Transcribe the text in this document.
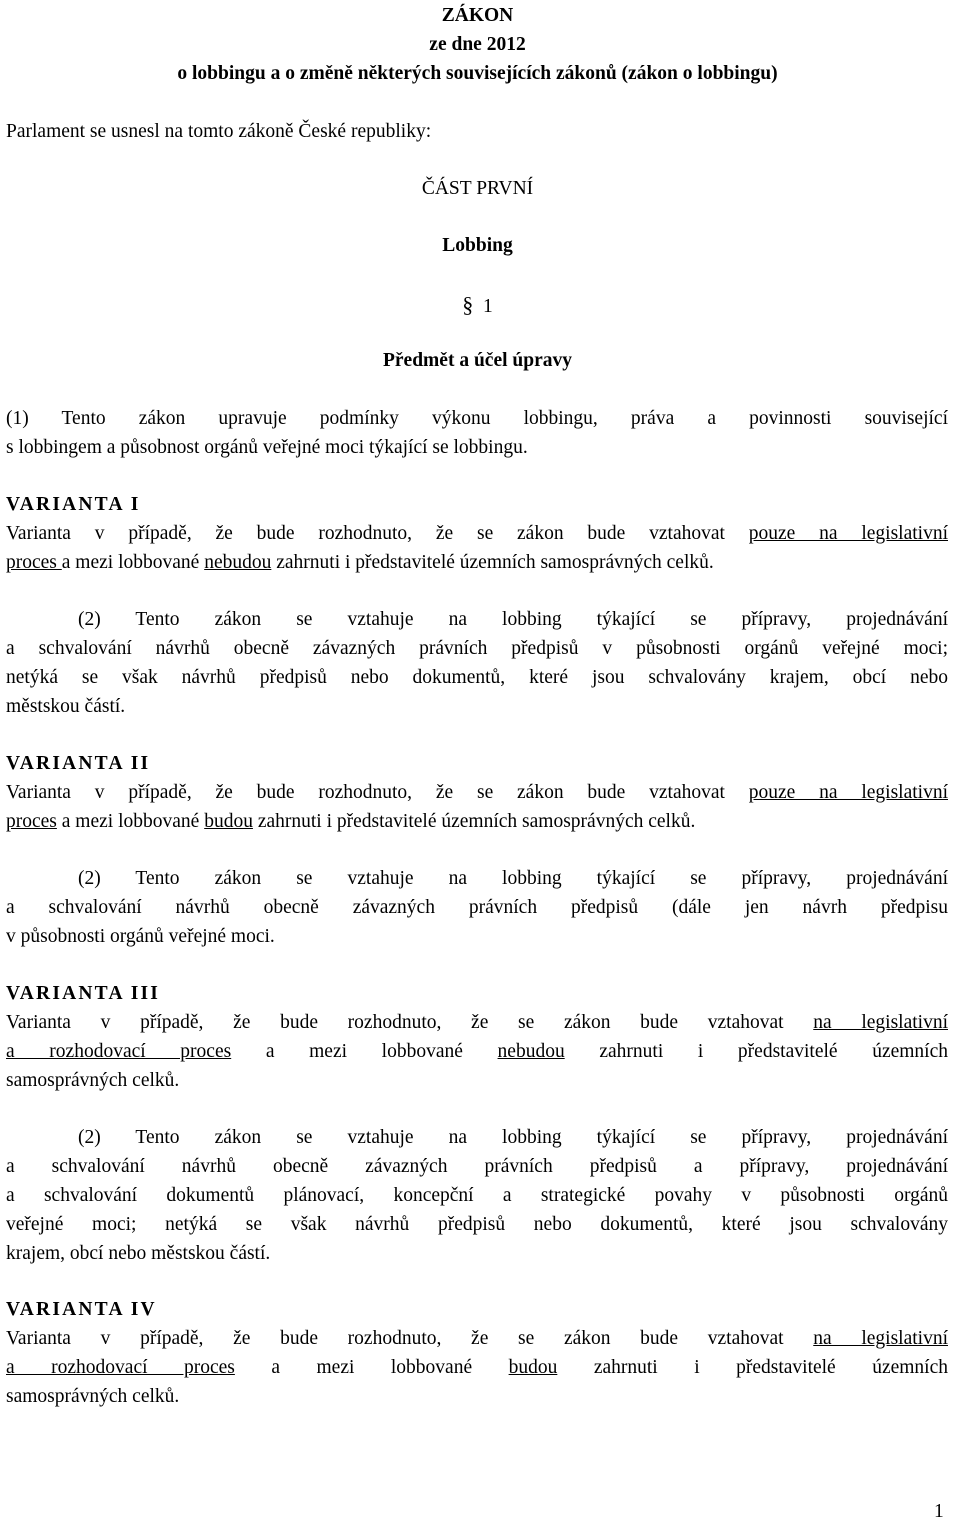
ZÁKON
ze dne 2012
o lobbingu a o změně některých souvisejících zákonů (zákon o lobbingu)
Parlament se usnesl na tomto zákoně České republiky:
ČÁST PRVNÍ
Lobbing
§ 1
Předmět a účel úpravy
(1) Tento zákon upravuje podmínky výkonu lobbingu, práva a povinnosti související
s lobbingem a působnost orgánů veřejné moci týkající se lobbingu.
VARIANTA I
Varianta v případě, že bude rozhodnuto, že se zákon bude vztahovat pouze na legislativní
proces a mezi lobbované nebudou zahrnuti i představitelé územních samosprávných celků.
(2) Tento zákon se vztahuje na lobbing týkající se přípravy, projednávání
a schvalování návrhů obecně závazných právních předpisů v působnosti orgánů veřejné moci;
netýká se však návrhů předpisů nebo dokumentů, které jsou schvalovány krajem, obcí nebo
městskou částí.
VARIANTA II
Varianta v případě, že bude rozhodnuto, že se zákon bude vztahovat pouze na legislativní
proces a mezi lobbované budou zahrnuti i představitelé územních samosprávných celků.
(2) Tento zákon se vztahuje na lobbing týkající se přípravy, projednávání
a schvalování návrhů obecně závazných právních předpisů (dále jen návrh předpisu
v působnosti orgánů veřejné moci.
VARIANTA III
Varianta v případě, že bude rozhodnuto, že se zákon bude vztahovat na legislativní
a rozhodovací proces a mezi lobbované nebudou zahrnuti i představitelé územních
samosprávných celků.
(2) Tento zákon se vztahuje na lobbing týkající se přípravy, projednávání
a schvalování návrhů obecně závazných právních předpisů a přípravy, projednávání
a schvalování dokumentů plánovací, koncepční a strategické povahy v působnosti orgánů
veřejné moci; netýká se však návrhů předpisů nebo dokumentů, které jsou schvalovány
krajem, obcí nebo městskou částí.
VARIANTA IV
Varianta v případě, že bude rozhodnuto, že se zákon bude vztahovat na legislativní
a rozhodovací proces a mezi lobbované budou zahrnuti i představitelé územních
samosprávných celků.
1
